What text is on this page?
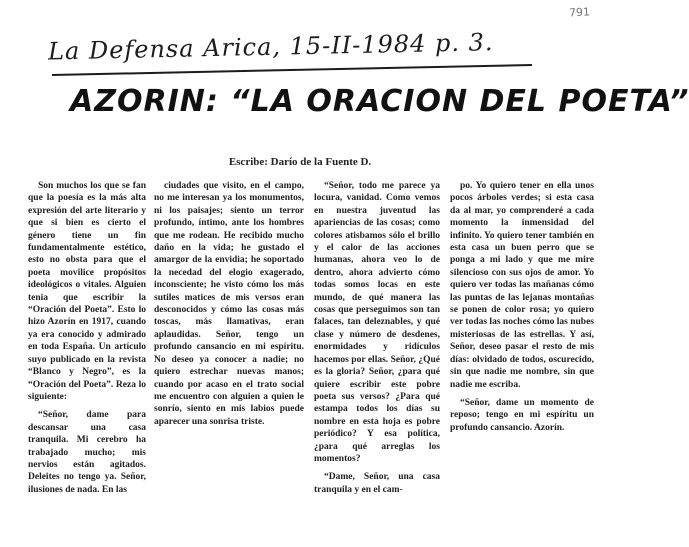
791
La Defensa Arica, 15-II-1984 p. 3.
AZORIN: “LA ORACION DEL POETA”
Escribe: Darío de la Fuente D.

Son muchos los que se fan que la poesía es la más alta expresión del arte literario y que si bien es cierto el género tiene un fin fundamentalmente estético, esto no obsta para que el poeta movilice propósitos ideológicos o vitales. Alguien tenia que escribir la “Oración del Poeta”. Esto lo hizo Azorín en 1917, cuando ya era conocido y admirado en toda España. Un artículo suyo publicado en la revista “Blanco y Negro”, es la “Oración del Poeta”. Reza lo siguiente:

“Señor, dame para descansar una casa tranquila. Mi cerebro ha trabajado mucho; mis nervios están agitados. Deleites no tengo ya. Señor, ilusiones de nada. En las

ciudades que visito, en el campo, no me interesan ya los monumentos, ni los paisajes; siento un terror profundo, íntimo, ante los hombres que me rodean. He recibido mucho daño en la vida; he gustado el amargor de la envidia; he soportado la necedad del elogio exagerado, inconsciente; he visto cómo los más sutiles matices de mis versos eran desconocidos y cómo las cosas más toscas, más llamativas, eran aplaudidas. Señor, tengo un profundo cansancio en mi espíritu. No deseo ya conocer a nadie; no quiero estrechar nuevas manos; cuando por acaso en el trato social me encuentro con alguien a quien le sonrío, siento en mis labios puede aparecer una sonrisa triste.

“Señor, todo me parece ya locura, vanidad. Como vemos en nuestra juventud las apariencias de las cosas; como colores atisbamos sólo el brillo y el calor de las acciones humanas, ahora veo lo de dentro, ahora advierto cómo todas somos locas en este mundo, de qué manera las cosas que perseguimos son tan falaces, tan deleznables, y qué clase y número de desdenes, enormidades y ridículos hacemos por ellas. Señor, ¿Qué es la gloria? Señor, ¿para qué quiere escribir este pobre poeta sus versos? ¿Para qué estampa todos los días su nombre en esta hoja es pobre periódico? Y esa política, ¿para qué arreglas los momentos?

“Dame, Señor, una casa tranquila y en el cam-

po. Yo quiero tener en ella unos pocos árboles verdes; si esta casa da al mar, yo comprenderé a cada momento la inmensidad del infinito. Yo quiero tener también en esta casa un buen perro que se ponga a mi lado y que me mire silencioso con sus ojos de amor. Yo quiero ver todas las mañanas cómo las puntas de las lejanas montañas se ponen de color rosa; yo quiero ver todas las noches cómo las nubes misteriosas de las estrellas. Y así, Señor, deseo pasar el resto de mis días: olvidado de todos, oscurecido, sin que nadie me nombre, sin que nadie me escriba.

“Señor, dame un momento de reposo; tengo en mi espíritu un profundo cansancio. Azorín.
